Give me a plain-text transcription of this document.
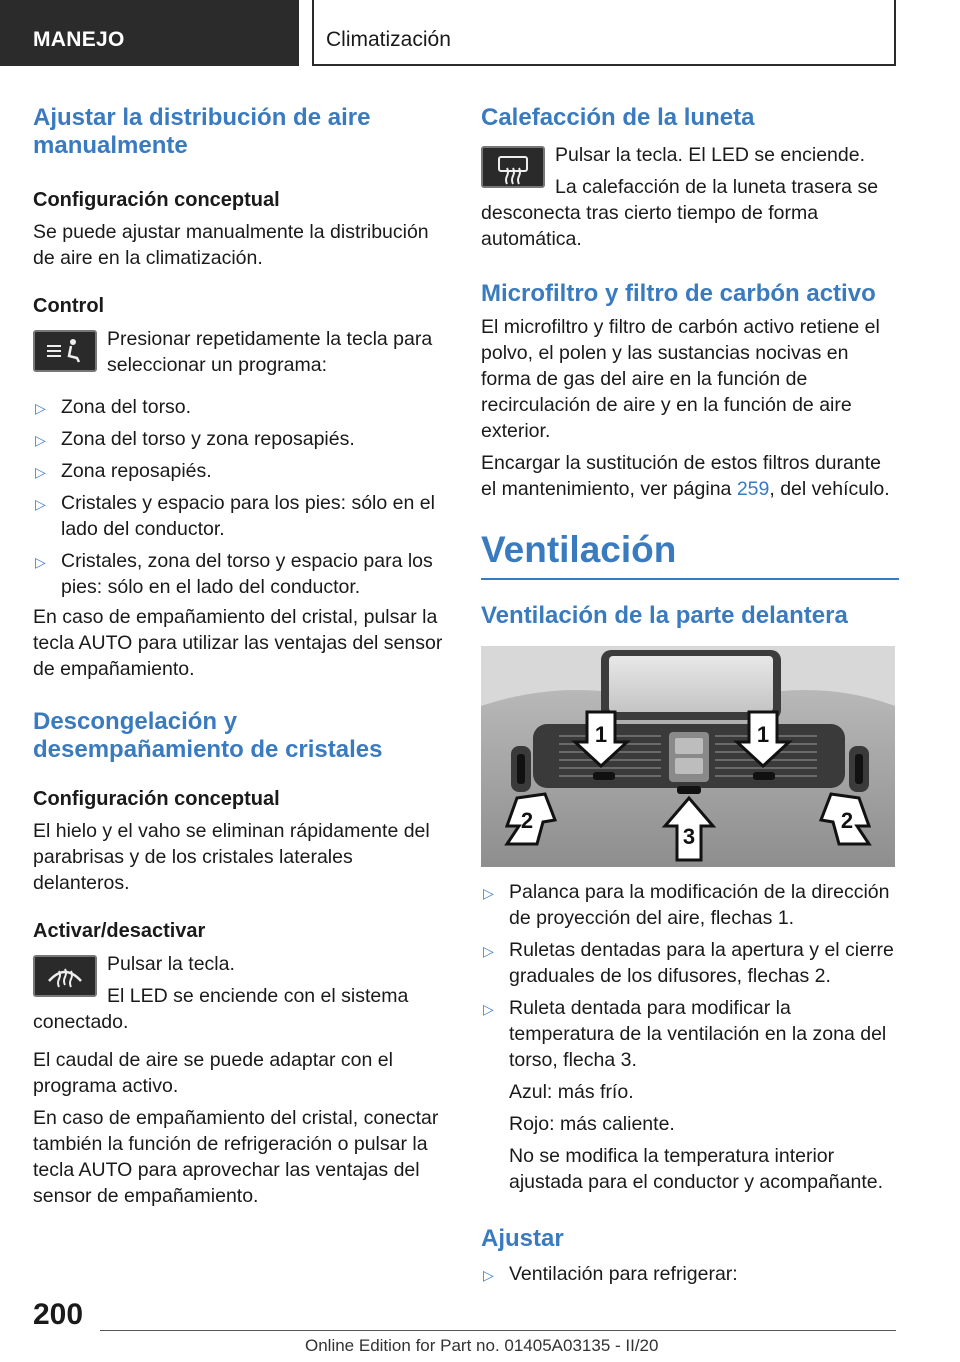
MANEJO	Climatización
Ajustar la distribución de aire manualmente
Configuración conceptual

Se puede ajustar manualmente la distribución de aire en la climatización.

Control

Presionar repetidamente la tecla para seleccionar un programa:

▷ Zona del torso.
▷ Zona del torso y zona reposapiés.
▷ Zona reposapiés.
▷ Cristales y espacio para los pies: sólo en el lado del conductor.
▷ Cristales, zona del torso y espacio para los pies: sólo en el lado del conductor.

En caso de empañamiento del cristal, pulsar la tecla AUTO para utilizar las ventajas del sensor de empañamiento.

Descongelación y desempañamiento de cristales
Configuración conceptual

El hielo y el vaho se eliminan rápidamente del parabrisas y de los cristales laterales delanteros.

Activar/desactivar

Pulsar la tecla.

El LED se enciende con el sistema conectado.

El caudal de aire se puede adaptar con el programa activo.

En caso de empañamiento del cristal, conectar también la función de refrigeración o pulsar la tecla AUTO para aprovechar las ventajas del sensor de empañamiento.

Calefacción de la luneta

Pulsar la tecla. El LED se enciende.

La calefacción de la luneta trasera se desconecta tras cierto tiempo de forma automática.

Microfiltro y filtro de carbón activo

El microfiltro y filtro de carbón activo retiene el polvo, el polen y las sustancias nocivas en forma de gas del aire en la función de recirculación de aire y en la función de aire exterior.

Encargar la sustitución de estos filtros durante el mantenimiento, ver página 259, del vehículo.

Ventilación
Ventilación de la parte delantera
1	1
2
3
2
▷ Palanca para la modificación de la dirección de proyección del aire, flechas 1.
▷ Ruletas dentadas para la apertura y el cierre graduales de los difusores, flechas 2.
▷ Ruleta dentada para modificar la temperatura de la ventilación en la zona del torso, flecha 3.

Azul: más frío.

Rojo: más caliente.

No se modifica la temperatura interior ajustada para el conductor y acompañante.

Ajustar
▷ Ventilación para refrigerar:
200
Online Edition for Part no. 01405A03135 - II/20
